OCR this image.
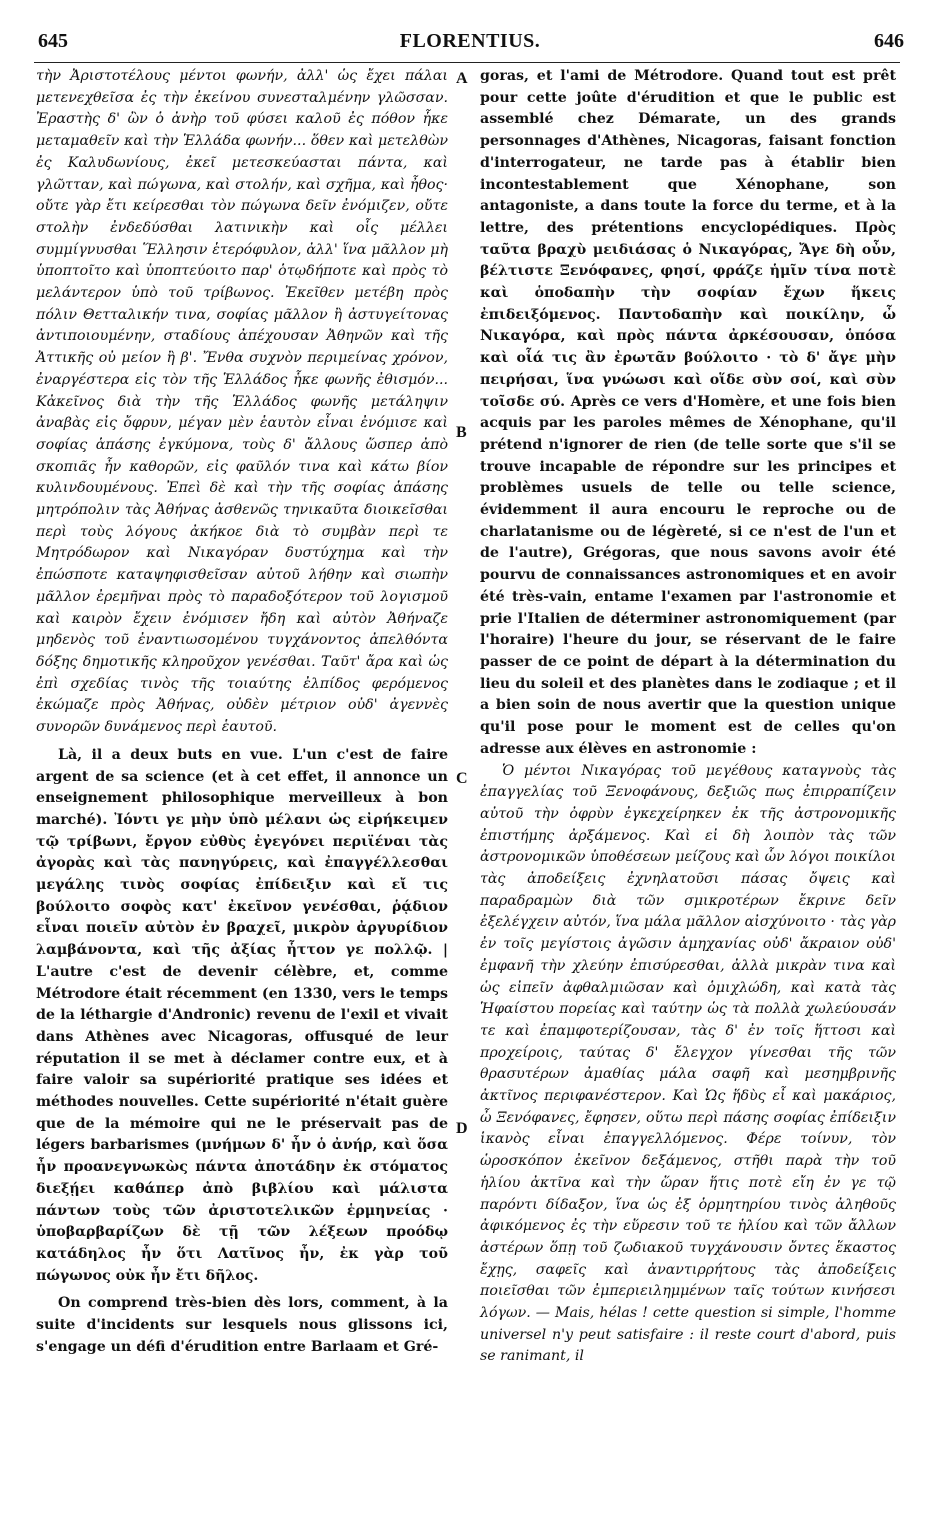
645	FLORENTIUS.	646

τὴν Ἀριστοτέλους μέντοι φωνήν, ἀλλ' ὡς ἔχει πάλαι μετενεχθεῖσα ἐς τὴν ἐκείνου συνεσταλμένην γλῶσσαν. Ἐραστὴς δ' ὢν ὁ ἀνὴρ τοῦ φύσει καλοῦ ἐς πόθον ἧκε μεταμαθεῖν καὶ τὴν Ἑλλάδα φωνήν... ὅθεν καὶ μετελθὼν ἐς Καλυδωνίους, ἐκεῖ μετεσκεύασται πάντα, καὶ γλῶτταν, καὶ πώγωνα, καὶ στολήν, καὶ σχῆμα, καὶ ἦθος· οὔτε γὰρ ἔτι κείρεσθαι τὸν πώγωνα δεῖν ἐνόμιζεν, οὔτε στολὴν ἐνδεδύσθαι λατινικὴν καὶ οἷς μέλλει συμμίγνυσθαι Ἕλλησιν ἑτερόφυλον, ἀλλ' ἵνα μᾶλλον μὴ ὑποπτοῖτο καὶ ὑποπτεύοιτο παρ' ὁτῳδήποτε καὶ πρὸς τὸ μελάντερον ὑπὸ τοῦ τρίβωνος. Ἐκεῖθεν μετέβη πρὸς πόλιν Θετταλικήν τινα, σοφίας μᾶλλον ἢ ἀστυγείτονας ἀντιποιουμένην, σταδίους ἀπέχουσαν Ἀθηνῶν καὶ τῆς Ἀττικῆς οὐ μείον ἢ β'. Ἔνθα συχνὸν περιμείνας χρόνον, ἐναργέστερα εἰς τὸν τῆς Ἑλλάδος ἧκε φωνῆς ἐθισμόν... Κἀκεῖνος διὰ τὴν τῆς Ἑλλάδος φωνῆς μετάληψιν ἀναβὰς εἰς ὄφρυν, μέγαν μὲν ἑαυτὸν εἶναι ἐνόμισε καὶ σοφίας ἁπάσης ἐγκύμονα, τοὺς δ' ἄλλους ὥσπερ ἀπὸ σκοπιᾶς ἦν καθορῶν, εἰς φαῦλόν τινα καὶ κάτω βίον κυλινδουμένους. Ἐπεὶ δὲ καὶ τὴν τῆς σοφίας ἁπάσης μητρόπολιν τὰς Ἀθήνας ἀσθενῶς τηνικαῦτα διοικεῖσθαι περὶ τοὺς λόγους ἀκήκοε διὰ τὸ συμβὰν περὶ τε Μητρόδωρον καὶ Νικαγόραν δυστύχημα καὶ τὴν ἐπώσποτε καταψηφισθεῖσαν αὐτοῦ λήθην καὶ σιωπὴν μᾶλλον ἐρεμῆναι πρὸς τὸ παραδοξότερον τοῦ λογισμοῦ καὶ καιρὸν ἔχειν ἐνόμισεν ἤδη καὶ αὐτὸν Ἀθήναζε μηδενὸς τοῦ ἐναντιωσομένου τυγχάνοντος ἀπελθόντα δόξης δημοτικῆς κληροῦχον γενέσθαι. Ταῦτ' ἄρα καὶ ὡς ἐπὶ σχεδίας τινὸς τῆς τοιαύτης ἐλπίδος φερόμενος ἐκώμαζε πρὸς Ἀθήνας, οὐδὲν μέτριον οὐδ' ἀγεννὲς συνορῶν δυνάμενος περὶ ἑαυτοῦ.

Là, il a deux buts en vue. L'un c'est de faire argent de sa science (et à cet effet, il annonce un enseignement philosophique merveilleux à bon marché). Ἰόντι γε μὴν ὑπὸ μέλανι ὡς εἰρήκειμεν τῷ τρίβωνι, ἔργον εὐθὺς ἐγεγόνει περιϊέναι τὰς ἀγορὰς καὶ τὰς πανηγύρεις, καὶ ἐπαγγέλλεσθαι μεγάλης τινὸς σοφίας ἐπίδειξιν καὶ εἴ τις βούλοιτο σοφὸς κατ' ἐκεῖνον γενέσθαι, ῥᾴδιον εἶναι ποιεῖν αὐτὸν ἐν βραχεῖ, μικρὸν ἀργυρίδιον λαμβάνοντα, καὶ τῆς ἀξίας ἧττον γε πολλῷ. | L'autre c'est de devenir célèbre, et, comme Métrodore était récemment (en 1330, vers le temps de la léthargie d'Andronic) revenu de l'exil et vivait dans Athènes avec Nicagoras, offusqué de leur réputation il se met à déclamer contre eux, et à faire valoir sa supériorité pratique ses idées et méthodes nouvelles. Cette supériorité n'était guère que de la mémoire qui ne le préservait pas de légers barbarismes (μνήμων δ' ἦν ὁ ἀνήρ, καὶ ὅσα ἦν προανεγνωκὼς πάντα ἀποτάδην ἐκ στόματος διεξῄει καθάπερ ἀπὸ βιβλίου καὶ μάλιστα πάντων τοὺς τῶν ἀριστοτελικῶν ἑρμηνείας · ὑποβαρβαρίζων δὲ τῇ τῶν λέξεων προόδῳ κατάδηλος ἦν ὅτι Λατῖνος ἦν, ἐκ γὰρ τοῦ πώγωνος οὐκ ἦν ἔτι δῆλος.

On comprend très-bien dès lors, comment, à la suite d'incidents sur lesquels nous glissons ici, s'engage un défi d'érudition entre Barlaam et Gré-

A
B
C
D

goras, et l'ami de Métrodore. Quand tout est prêt pour cette joûte d'érudition et que le public est assemblé chez Démarate, un des grands personnages d'Athènes, Nicagoras, faisant fonction d'interrogateur, ne tarde pas à établir bien incontestablement que Xénophane, son antagoniste, a dans toute la force du terme, et à la lettre, des prétentions encyclopédiques. Πρὸς ταῦτα βραχὺ μειδιάσας ὁ Νικαγόρας, Ἄγε δὴ οὖν, βέλτιστε Ξενόφανες, φησί, φράζε ἡμῖν τίνα ποτὲ καὶ ὁποδαπὴν τὴν σοφίαν ἔχων ἥκεις ἐπιδειξόμενος. Παντοδαπὴν καὶ ποικίλην, ὦ Νικαγόρα, καὶ πρὸς πάντα ἀρκέσουσαν, ὁπόσα καὶ οἷά τις ἂν ἐρωτᾶν βούλοιτο · τὸ δ' ἄγε μὴν πειρήσαι, ἵνα γνώωσι καὶ οἵδε σὺν σοί, καὶ σὺν τοῖσδε σύ. Après ce vers d'Homère, et une fois bien acquis par les paroles mêmes de Xénophane, qu'il prétend n'ignorer de rien (de telle sorte que s'il se trouve incapable de répondre sur les principes et problèmes usuels de telle ou telle science, évidemment il aura encouru le reproche ou de charlatanisme ou de légèreté, si ce n'est de l'un et de l'autre), Grégoras, que nous savons avoir été pourvu de connaissances astronomiques et en avoir été très-vain, entame l'examen par l'astronomie et prie l'Italien de déterminer astronomiquement (par l'horaire) l'heure du jour, se réservant de le faire passer de ce point de départ à la détermination du lieu du soleil et des planètes dans le zodiaque ; et il a bien soin de nous avertir que la question unique qu'il pose pour le moment est de celles qu'on adresse aux élèves en astronomie :

Ὁ μέντοι Νικαγόρας τοῦ μεγέθους καταγνοὺς τὰς ἐπαγγελίας τοῦ Ξενοφάνους, δεξιῶς πως ἐπιρραπίζειν αὐτοῦ τὴν ὀφρὺν ἐγκεχείρηκεν ἐκ τῆς ἀστρονομικῆς ἐπιστήμης ἀρξάμενος. Καὶ εἰ δὴ λοιπὸν τὰς τῶν ἀστρονομικῶν ὑποθέσεων μείζους καὶ ὧν λόγοι ποικίλοι τὰς ἀποδείξεις ἐχνηλατοῦσι πάσας ὄψεις καὶ παραδραμὼν διὰ τῶν σμικροτέρων ἔκρινε δεῖν ἐξελέγχειν αὐτόν, ἵνα μάλα μᾶλλον αἰσχύνοιτο · τὰς γὰρ ἐν τοῖς μεγίστοις ἀγῶσιν ἀμηχανίας οὐδ' ἄκραιον οὐδ' ἐμφανῆ τὴν χλεύην ἐπισύρεσθαι, ἀλλὰ μικρὰν τινα καὶ ὡς εἰπεῖν ἀφθαλμιῶσαν καὶ ὁμιχλώδη, καὶ κατὰ τὰς Ἡφαίστου πορείας καὶ ταύτην ὡς τὰ πολλὰ χωλεύουσάν τε καὶ ἐπαμφοτερίζουσαν, τὰς δ' ἐν τοῖς ἥττοσι καὶ προχείροις, ταύτας δ' ἔλεγχον γίνεσθαι τῆς τῶν θρασυτέρων ἀμαθίας μάλα σαφῆ καὶ μεσημβρινῆς ἀκτῖνος περιφανέστερον. Καὶ Ὡς ἥδὺς εἶ καὶ μακάριος, ὦ Ξενόφανες, ἔφησεν, οὕτω περὶ πάσης σοφίας ἐπίδειξιν ἱκανὸς εἶναι ἐπαγγελλόμενος. Φέρε τοίνυν, τὸν ὡροσκόπον ἐκεῖνον δεξάμενος, στῆθι παρὰ τὴν τοῦ ἡλίου ἀκτῖνα καὶ τὴν ὥραν ἥτις ποτὲ εἴη ἐν γε τῷ παρόντι δίδαξον, ἵνα ὡς ἐξ ὁρμητηρίου τινὸς ἀληθοῦς ἀφικόμενος ἐς τὴν εὕρεσιν τοῦ τε ἡλίου καὶ τῶν ἄλλων ἀστέρων ὅπῃ τοῦ ζωδιακοῦ τυγχάνουσιν ὄντες ἕκαστος ἔχῃς, σαφεῖς καὶ ἀναντιρρήτους τὰς ἀποδείξεις ποιεῖσθαι τῶν ἐμπεριειλημμένων ταῖς τούτων κινήσεσι λόγων. — Mais, hélas ! cette question si simple, l'homme universel n'y peut satisfaire : il reste court d'abord, puis se ranimant, il
